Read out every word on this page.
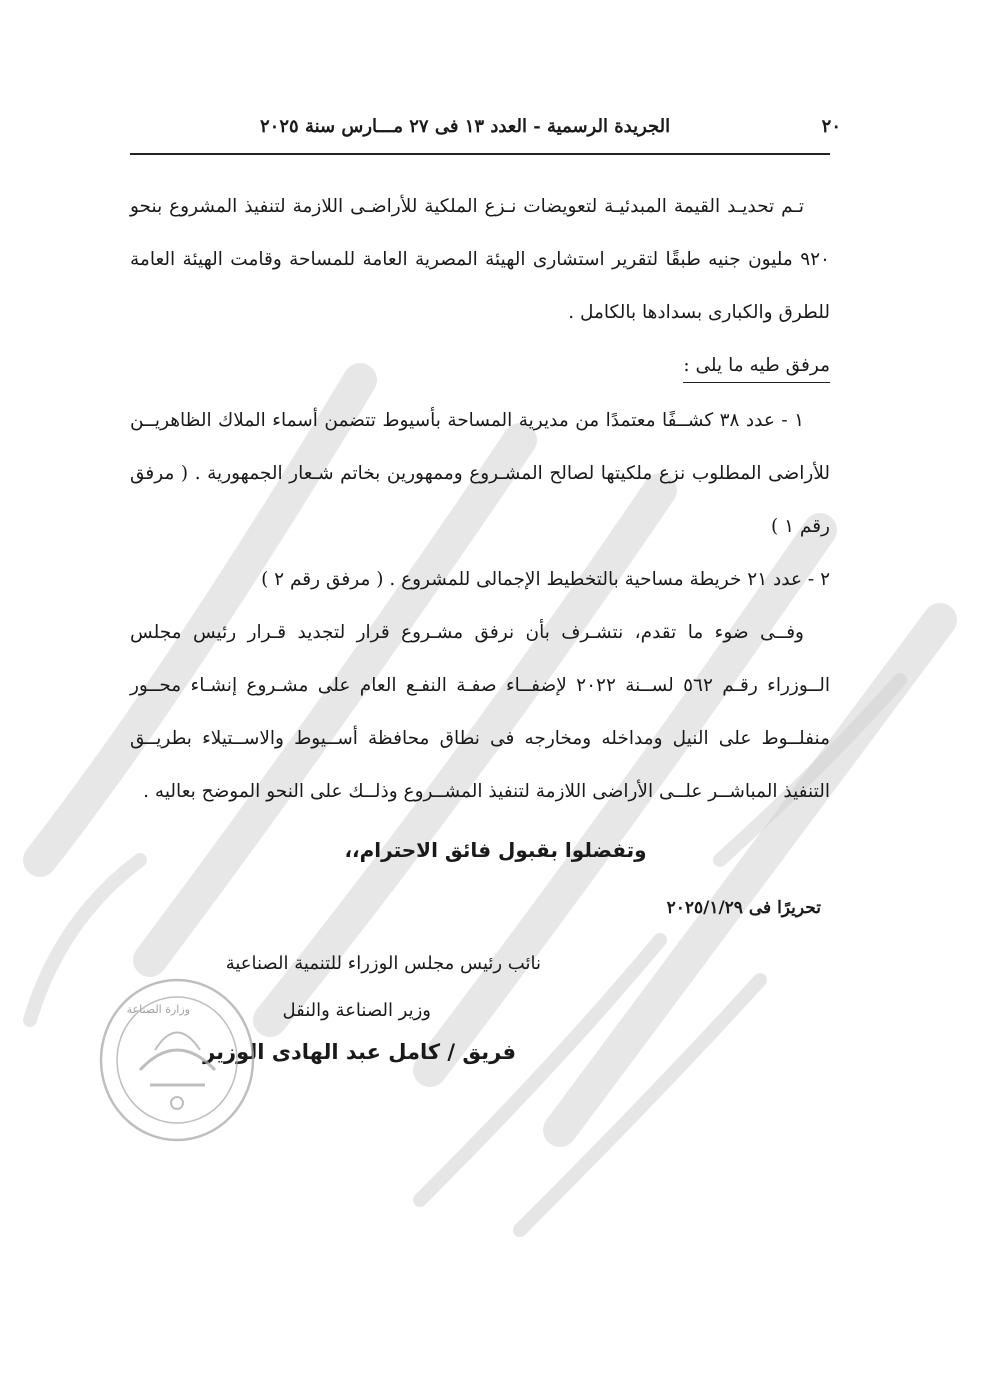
٢٠
الجريدة الرسمية - العدد ١٣ فى ٢٧ مـــارس سنة ٢٠٢٥

تـم تحديـد القيمة المبدئيـة لتعويضات نـزع الملكية للأراضـى اللازمة لتنفيذ المشروع بنحو ٩٢٠ مليون جنيه طبقًا لتقرير استشارى الهيئة المصرية العامة للمساحة وقامت الهيئة العامة للطرق والكبارى بسدادها بالكامل .

مرفق طيه ما يلى :

١ - عدد ٣٨ كشــفًا معتمدًا من مديرية المساحة بأسيوط تتضمن أسماء الملاك الظاهريــن للأراضى المطلوب نزع ملكيتها لصالح المشـروع وممهورين بخاتم شـعار الجمهورية . ( مرفق رقم ١ )

٢ - عدد ٢١ خريطة مساحية بالتخطيط الإجمالى للمشروع . ( مرفق رقم ٢ )

وفــى ضوء ما تقدم، نتشـرف بأن نرفق مشـروع قرار لتجديد قـرار رئيس مجلس الــوزراء رقـم ٥٦٢ لســنة ٢٠٢٢ لإضفــاء صفـة النفـع العام على مشـروع إنشـاء محــور منفلــوط على النيل ومداخله ومخارجه فى نطاق محافظة أســيوط والاســتيلاء بطريــق التنفيذ المباشــر علــى الأراضى اللازمة لتنفيذ المشــروع وذلــك على النحو الموضح بعاليه .

وتفضلوا بقبول فائق الاحترام،،
تحريرًا فى ٢٠٢٥/١/٢٩
نائب رئيس مجلس الوزراء للتنمية الصناعية
وزير الصناعة والنقل
فريق / كامل عبد الهادى الوزير
وزارة الصناعة
